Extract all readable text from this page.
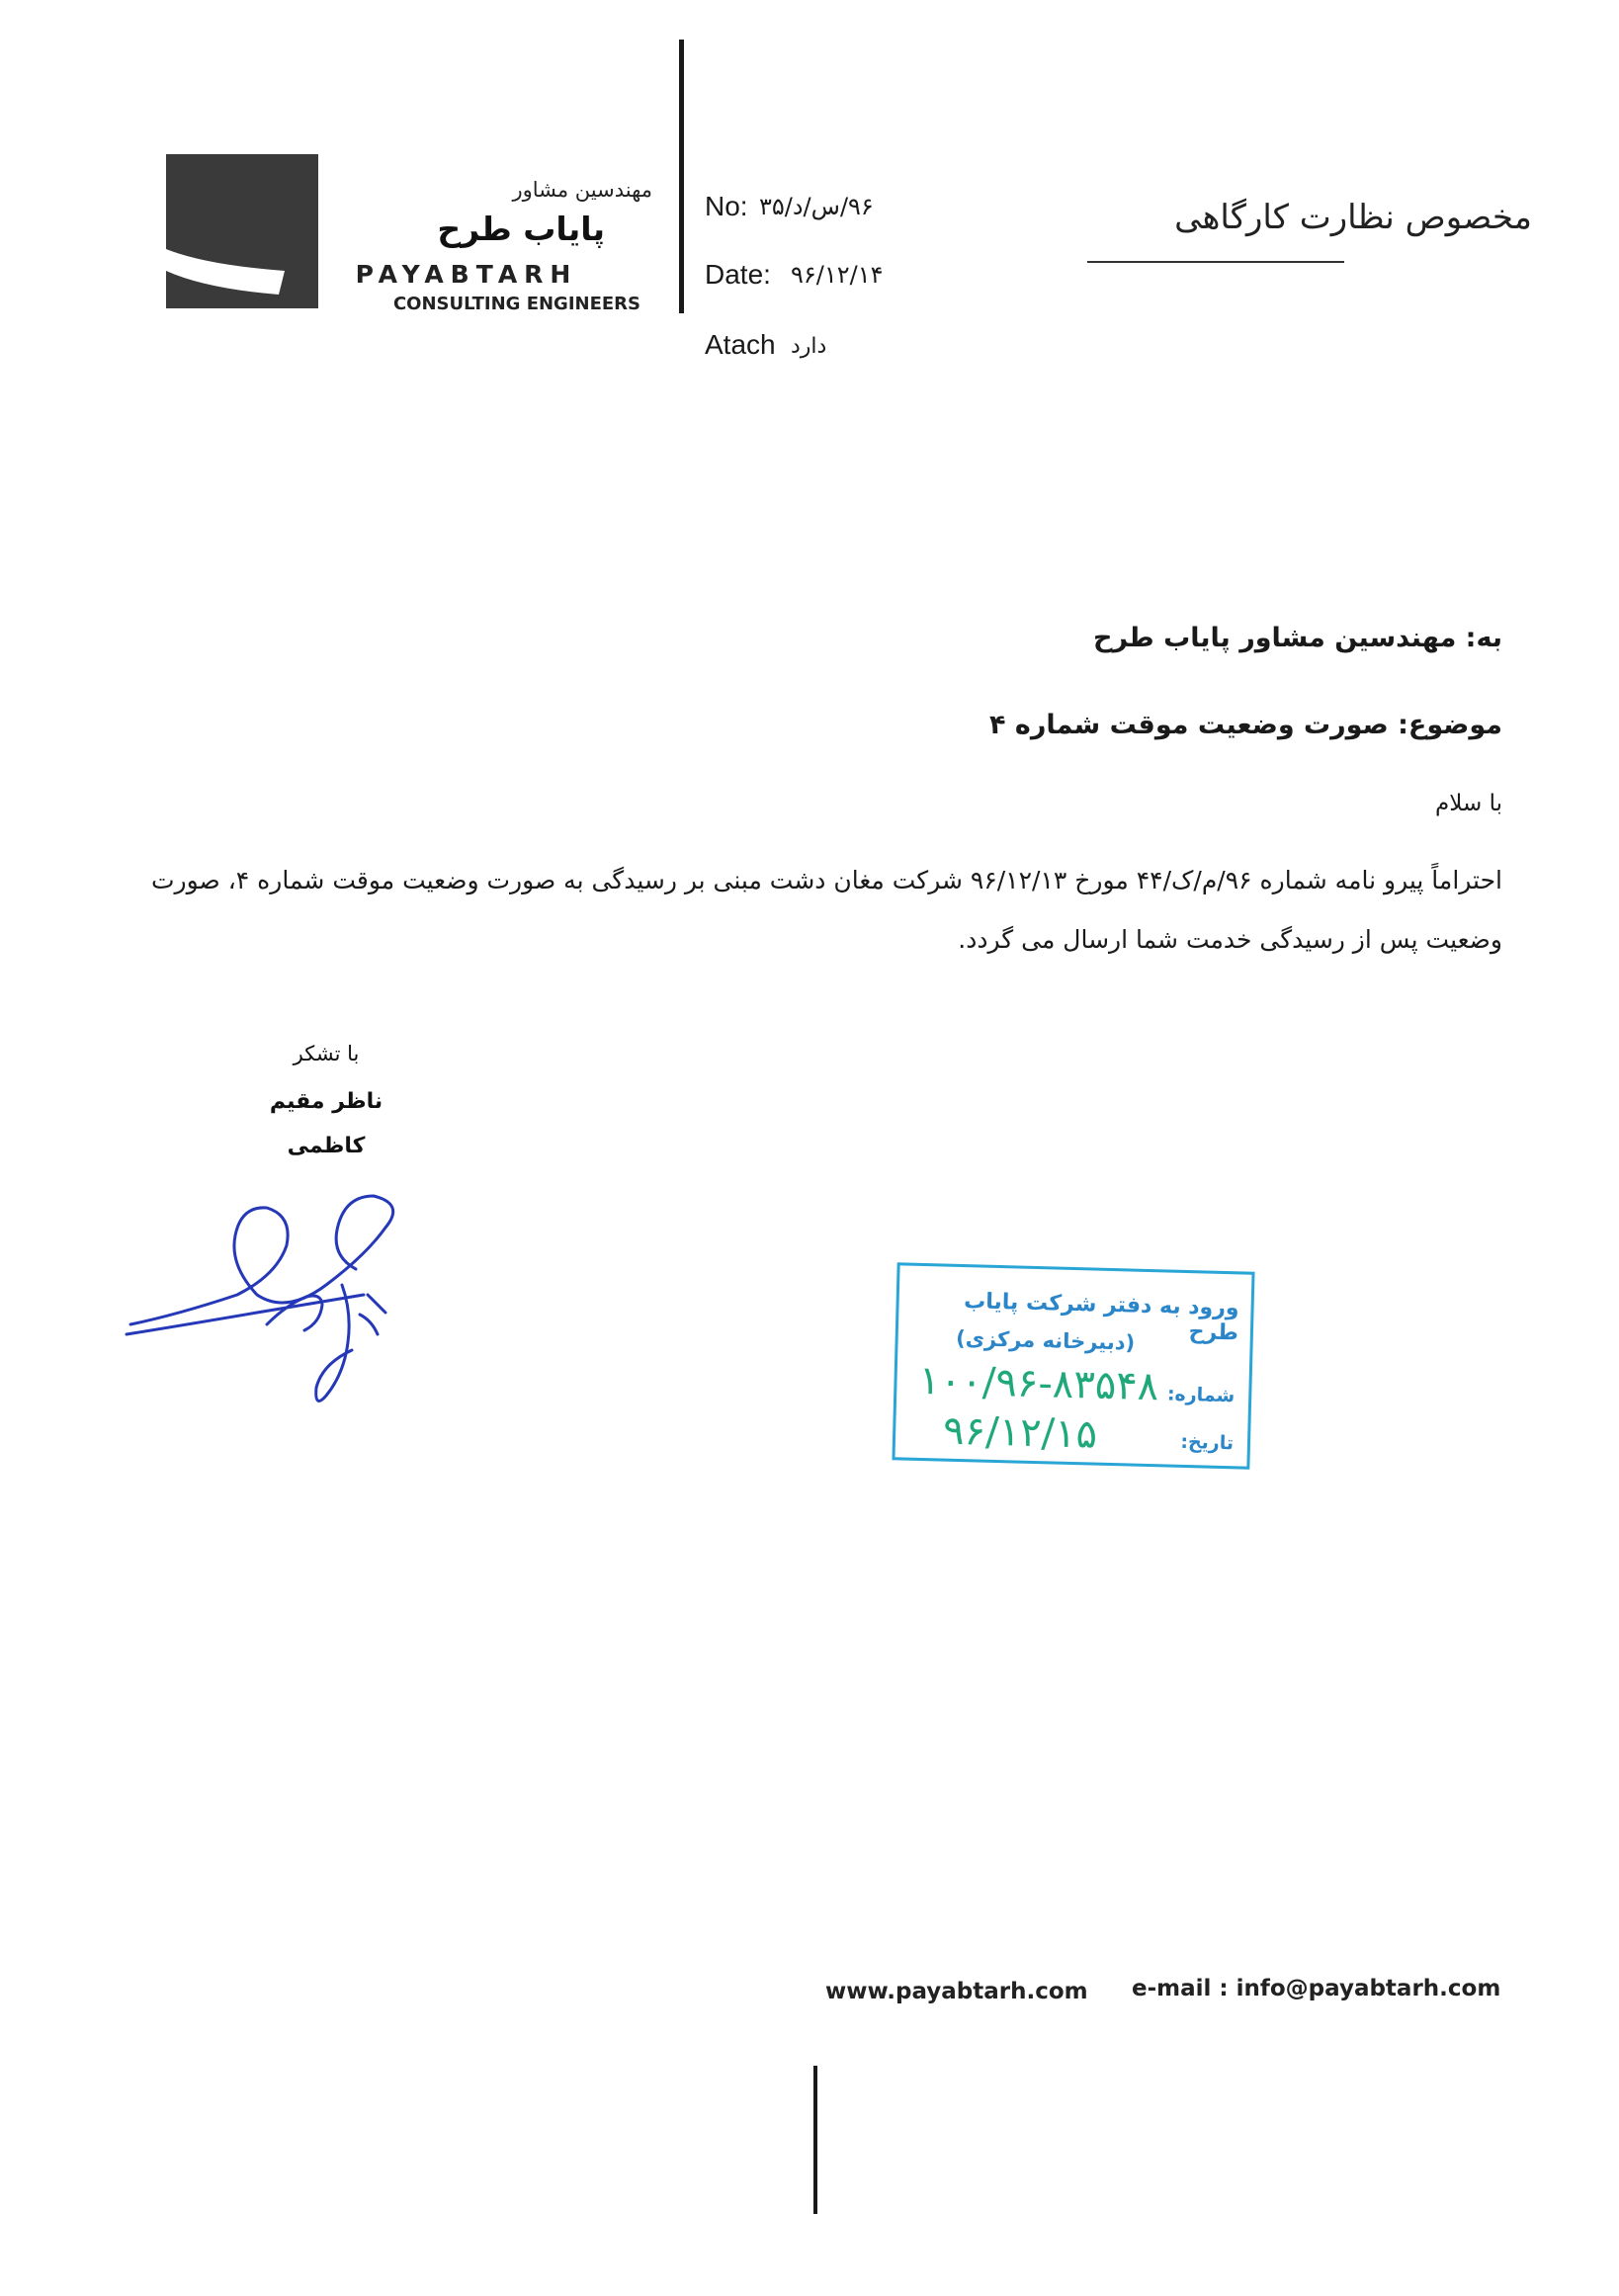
مهندسین مشاور
پایاب طرح
PAYABTARH
CONSULTING ENGINEERS
No: ۹۶/س/د/۳۵
Date: ۹۶/۱۲/۱۴
Atach دارد
مخصوص نظارت کارگاهی
به: مهندسین مشاور پایاب طرح
موضوع: صورت وضعیت موقت شماره ۴
با سلام
احتراماً پیرو نامه شماره ۹۶/م/ک/۴۴ مورخ ۹۶/۱۲/۱۳ شرکت مغان دشت مبنی بر رسیدگی به صورت وضعیت موقت شماره ۴، صورت
وضعیت پس از رسیدگی خدمت شما ارسال می گردد.
با تشکر
ناظر مقیم
کاظمی
ورود به دفتر شرکت پایاب طرح
(دبیرخانه مرکزی)
شماره:
۱۰۰/۹۶-۸۳۵۴۸
تاریخ:
۹۶/۱۲/۱۵
www.payabtarh.com e-mail : info@payabtarh.com
